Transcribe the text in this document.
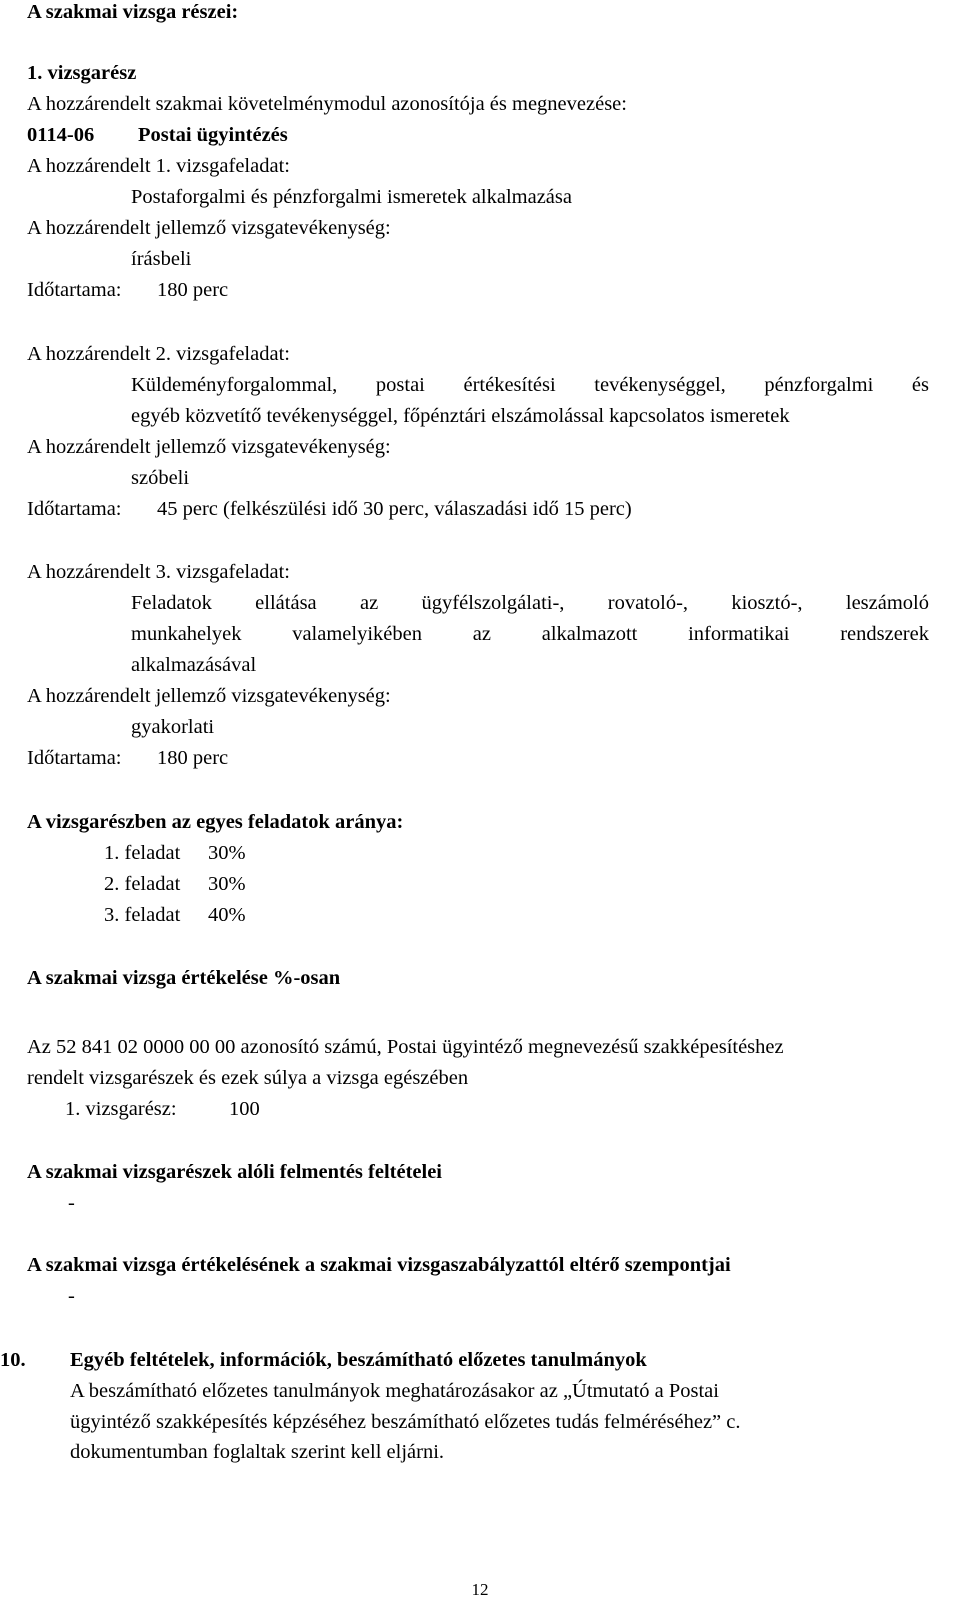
A szakmai vizsga részei:
1. vizsgarész
A hozzárendelt szakmai követelménymodul azonosítója és megnevezése:
0114-06	Postai ügyintézés
A hozzárendelt 1. vizsgafeladat:
Postaforgalmi és pénzforgalmi ismeretek alkalmazása
A hozzárendelt jellemző vizsgatevékenység:
írásbeli
Időtartama:	180 perc
A hozzárendelt 2. vizsgafeladat:
Küldeményforgalommal, postai értékesítési tevékenységgel, pénzforgalmi és
egyéb közvetítő tevékenységgel, főpénztári elszámolással kapcsolatos ismeretek
A hozzárendelt jellemző vizsgatevékenység:
szóbeli
Időtartama:	45 perc (felkészülési idő 30 perc, válaszadási idő 15 perc)
A hozzárendelt 3. vizsgafeladat:
Feladatok ellátása az ügyfélszolgálati-, rovatoló-, kiosztó-, leszámoló
munkahelyek valamelyikében az alkalmazott informatikai rendszerek
alkalmazásával
A hozzárendelt jellemző vizsgatevékenység:
gyakorlati
Időtartama:	180 perc
A vizsgarészben az egyes feladatok aránya:
1. feladat	30%
2. feladat	30%
3. feladat	40%
A szakmai vizsga értékelése %-osan
Az 52 841 02 0000 00 00 azonosító számú, Postai ügyintéző megnevezésű szakképesítéshez
rendelt vizsgarészek és ezek súlya a vizsga egészében
1. vizsgarész:	100
A szakmai vizsgarészek alóli felmentés feltételei
-
A szakmai vizsga értékelésének a szakmai vizsgaszabályzattól eltérő szempontjai
-
10. Egyéb feltételek, információk, beszámítható előzetes tanulmányok
A beszámítható előzetes tanulmányok meghatározásakor az „Útmutató a Postai
ügyintéző szakképesítés képzéséhez beszámítható előzetes tudás felméréséhez” c.
dokumentumban foglaltak szerint kell eljárni.
12
